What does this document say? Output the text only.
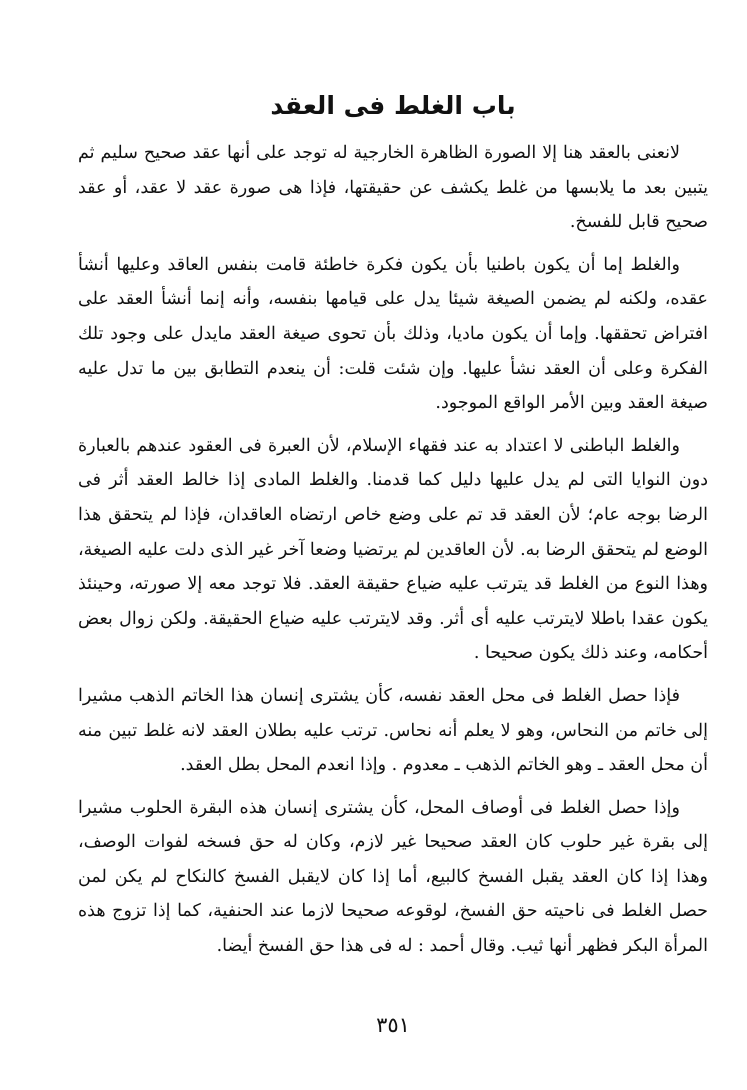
باب الغلط فى العقد

لانعنى بالعقد هنا إلا الصورة الظاهرة الخارجية له توجد على أنها عقد صحيح سليم ثم يتبين بعد ما يلابسها من غلط يكشف عن حقيقتها، فإذا هى صورة عقد لا عقد، أو عقد صحيح قابل للفسخ.

والغلط إما أن يكون باطنيا بأن يكون فكرة خاطئة قامت بنفس العاقد وعليها أنشأ عقده، ولكنه لم يضمن الصيغة شيئا يدل على قيامها بنفسه، وأنه إنما أنشأ العقد على افتراض تحققها. وإما أن يكون ماديا، وذلك بأن تحوى صيغة العقد مايدل على وجود تلك الفكرة وعلى أن العقد نشأ عليها. وإن شئت قلت: أن ينعدم التطابق بين ما تدل عليه صيغة العقد وبين الأمر الواقع الموجود.

والغلط الباطنى لا اعتداد به عند فقهاء الإسلام، لأن العبرة فى العقود عندهم بالعبارة دون النوايا التى لم يدل عليها دليل كما قدمنا. والغلط المادى إذا خالط العقد أثر فى الرضا بوجه عام؛ لأن العقد قد تم على وضع خاص ارتضاه العاقدان، فإذا لم يتحقق هذا الوضع لم يتحقق الرضا به. لأن العاقدين لم يرتضيا وضعا آخر غير الذى دلت عليه الصيغة، وهذا النوع من الغلط قد يترتب عليه ضياع حقيقة العقد. فلا توجد معه إلا صورته، وحينئذ يكون عقدا باطلا لايترتب عليه أى أثر. وقد لايترتب عليه ضياع الحقيقة. ولكن زوال بعض أحكامه، وعند ذلك يكون صحيحا .

فإذا حصل الغلط فى محل العقد نفسه، كأن يشترى إنسان هذا الخاتم الذهب مشيرا إلى خاتم من النحاس، وهو لا يعلم أنه نحاس. ترتب عليه بطلان العقد لانه غلط تبين منه أن محل العقد ـ وهو الخاتم الذهب ـ معدوم . وإذا انعدم المحل بطل العقد.

وإذا حصل الغلط فى أوصاف المحل، كأن يشترى إنسان هذه البقرة الحلوب مشيرا إلى بقرة غير حلوب كان العقد صحيحا غير لازم، وكان له حق فسخه لفوات الوصف، وهذا إذا كان العقد يقبل الفسخ كالبيع، أما إذا كان لايقبل الفسخ كالنكاح لم يكن لمن حصل الغلط فى ناحيته حق الفسخ، لوقوعه صحيحا لازما عند الحنفية، كما إذا تزوج هذه المرأة البكر فظهر أنها ثيب. وقال أحمد : له فى هذا حق الفسخ أيضا.

٣٥١
